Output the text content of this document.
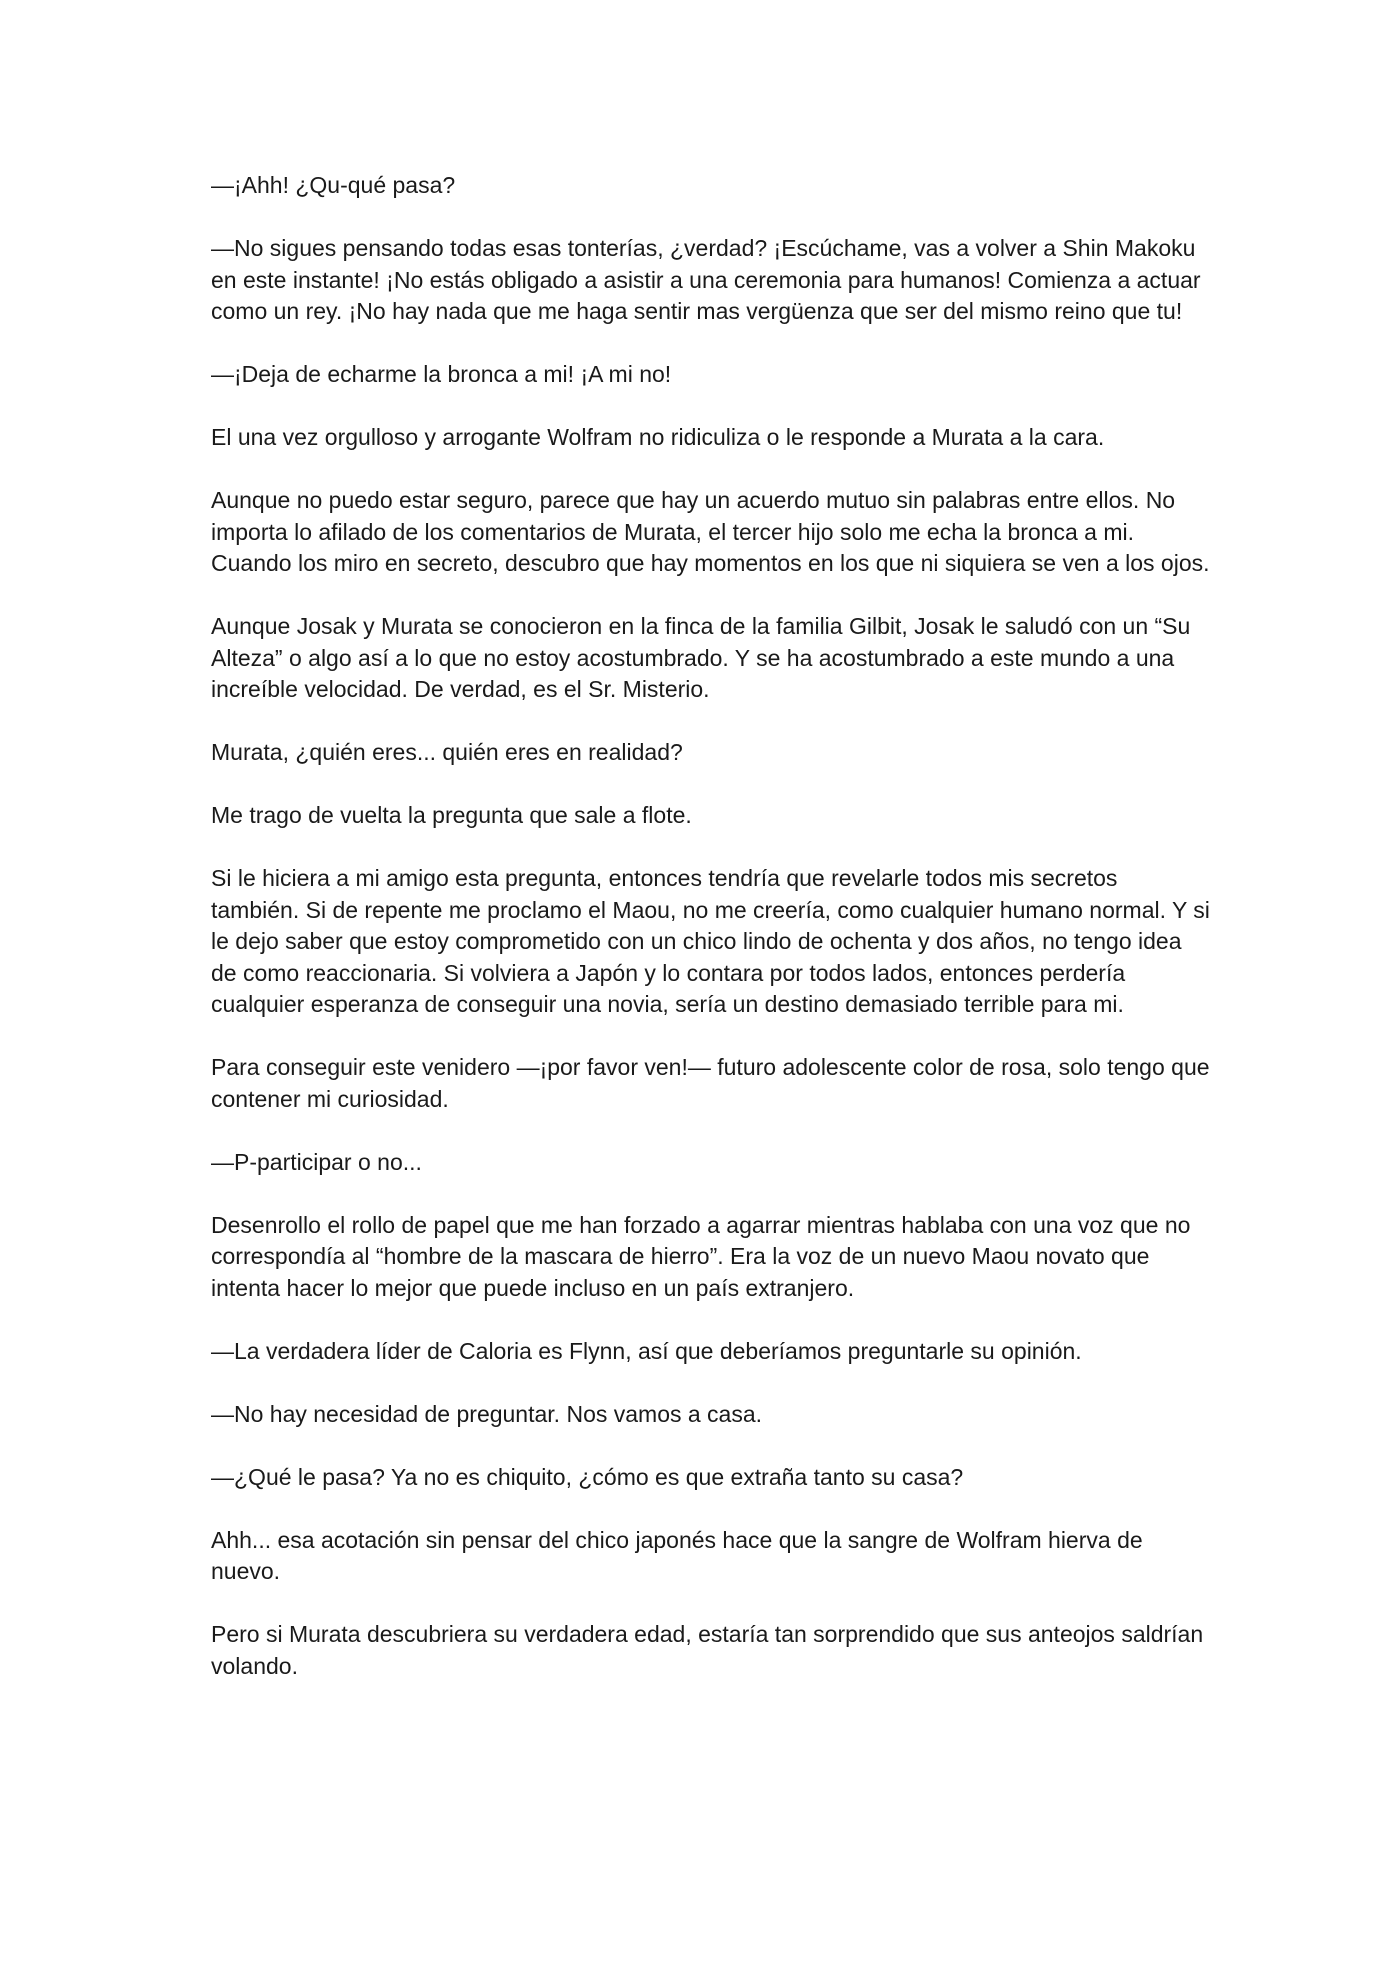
—¡Ahh! ¿Qu-qué pasa?

—No sigues pensando todas esas tonterías, ¿verdad? ¡Escúchame, vas a volver a Shin Makoku en este instante! ¡No estás obligado a asistir a una ceremonia para humanos! Comienza a actuar como un rey. ¡No hay nada que me haga sentir mas vergüenza que ser del mismo reino que tu!

—¡Deja de echarme la bronca a mi! ¡A mi no!

El una vez orgulloso y arrogante Wolfram no ridiculiza o le responde a Murata a la cara.

Aunque no puedo estar seguro, parece que hay un acuerdo mutuo sin palabras entre ellos. No importa lo afilado de los comentarios de Murata, el tercer hijo solo me echa la bronca a mi. Cuando los miro en secreto, descubro que hay momentos en los que ni siquiera se ven a los ojos.

Aunque Josak y Murata se conocieron en la finca de la familia Gilbit, Josak le saludó con un “Su Alteza” o algo así a lo que no estoy acostumbrado. Y se ha acostumbrado a este mundo a una increíble velocidad. De verdad, es el Sr. Misterio.

Murata, ¿quién eres... quién eres en realidad?

Me trago de vuelta la pregunta que sale a flote.

Si le hiciera a mi amigo esta pregunta, entonces tendría que revelarle todos mis secretos también. Si de repente me proclamo el Maou, no me creería, como cualquier humano normal. Y si le dejo saber que estoy comprometido con un chico lindo de ochenta y dos años, no tengo idea de como reaccionaria. Si volviera a Japón y lo contara por todos lados, entonces perdería cualquier esperanza de conseguir una novia, sería un destino demasiado terrible para mi.

Para conseguir este venidero —¡por favor ven!— futuro adolescente color de rosa, solo tengo que contener mi curiosidad.

—P-participar o no...

Desenrollo el rollo de papel que me han forzado a agarrar mientras hablaba con una voz que no correspondía al “hombre de la mascara de hierro”. Era la voz de un nuevo Maou novato que intenta hacer lo mejor que puede incluso en un país extranjero.

—La verdadera líder de Caloria es Flynn, así que deberíamos preguntarle su opinión.

—No hay necesidad de preguntar. Nos vamos a casa.

—¿Qué le pasa? Ya no es chiquito, ¿cómo es que extraña tanto su casa?

Ahh... esa acotación sin pensar del chico japonés hace que la sangre de Wolfram hierva de nuevo.

Pero si Murata descubriera su verdadera edad, estaría tan sorprendido que sus anteojos saldrían volando.
